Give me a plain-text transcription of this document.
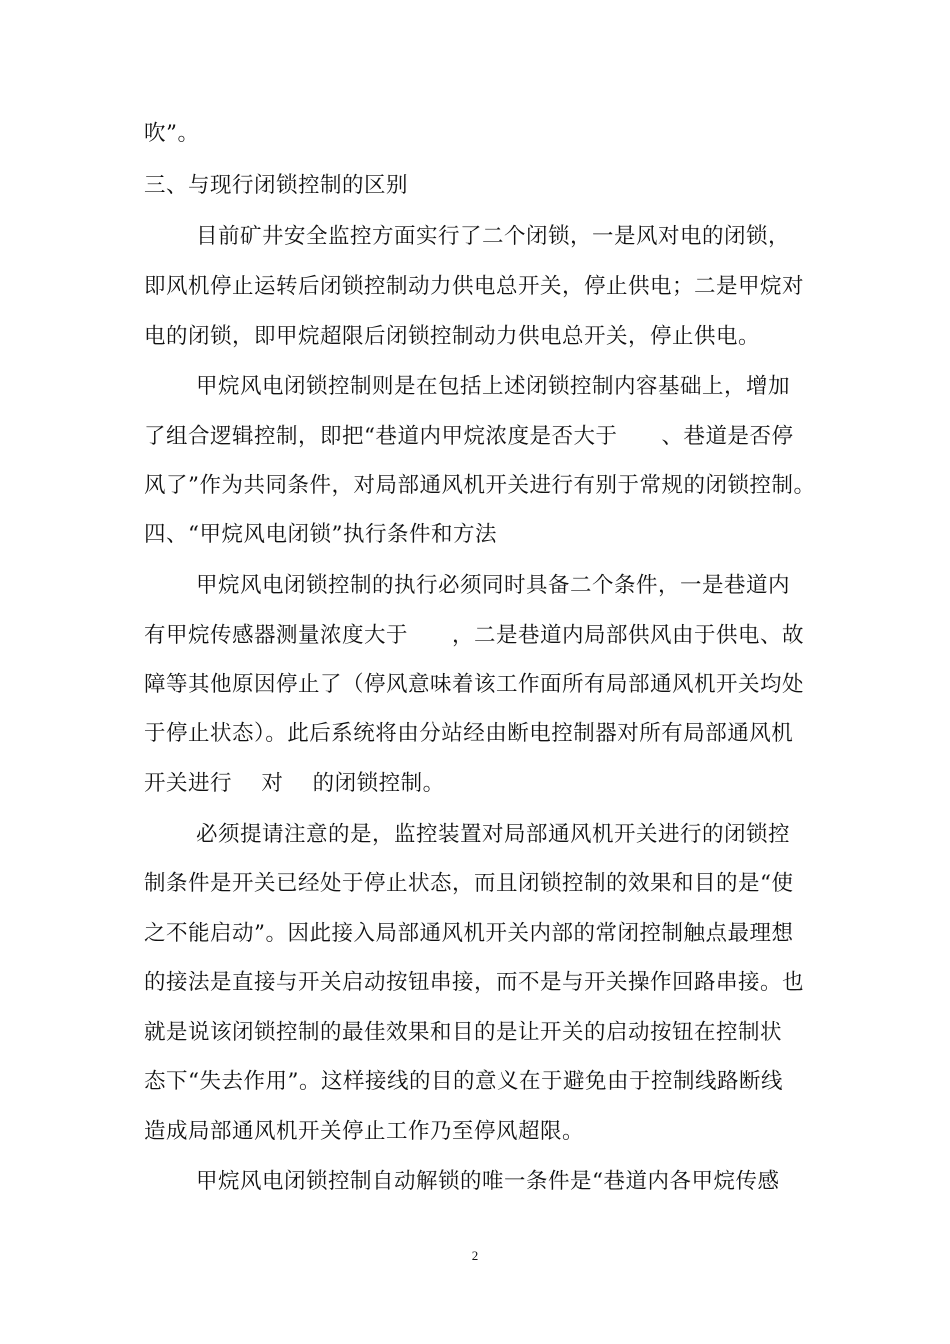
吹”。
三、与现行闭锁控制的区别
目前矿井安全监控方面实行了二个闭锁，一是风对电的闭锁，
即风机停止运转后闭锁控制动力供电总开关，停止供电；二是甲烷对
电的闭锁，即甲烷超限后闭锁控制动力供电总开关，停止供电。
甲烷风电闭锁控制则是在包括上述闭锁控制内容基础上，增加
了组合逻辑控制，即把“巷道内甲烷浓度是否大于      、巷道是否停
风了”作为共同条件，对局部通风机开关进行有别于常规的闭锁控制。
四、“甲烷风电闭锁”执行条件和方法
甲烷风电闭锁控制的执行必须同时具备二个条件，一是巷道内
有甲烷传感器测量浓度大于      ，二是巷道内局部供风由于供电、故
障等其他原因停止了（停风意味着该工作面所有局部通风机开关均处
于停止状态）。此后系统将由分站经由断电控制器对所有局部通风机
开关进行    对    的闭锁控制。
必须提请注意的是，监控装置对局部通风机开关进行的闭锁控
制条件是开关已经处于停止状态，而且闭锁控制的效果和目的是“使
之不能启动”。因此接入局部通风机开关内部的常闭控制触点最理想
的接法是直接与开关启动按钮串接，而不是与开关操作回路串接。也
就是说该闭锁控制的最佳效果和目的是让开关的启动按钮在控制状
态下“失去作用”。这样接线的目的意义在于避免由于控制线路断线
造成局部通风机开关停止工作乃至停风超限。
甲烷风电闭锁控制自动解锁的唯一条件是“巷道内各甲烷传感
2
